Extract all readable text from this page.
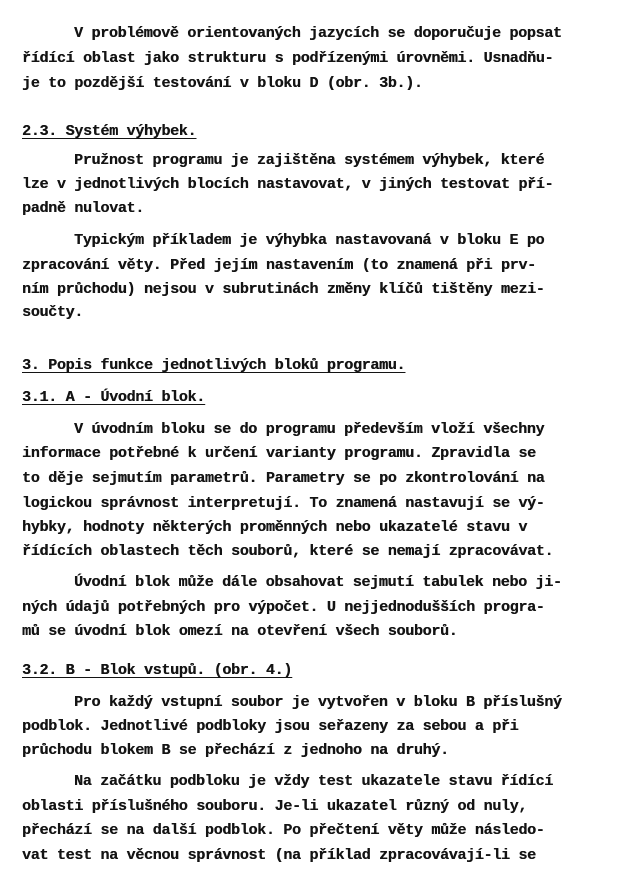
V problémově orientovaných jazycích se doporučuje popsat
řídící oblast jako strukturu s podřízenými úrovněmi. Usnadňu-
je to pozdější testování v bloku D (obr. 3b.).
2.3. Systém výhybek.
Pružnost programu je zajištěna systémem výhybek, které
lze v jednotlivých blocích nastavovat, v jiných testovat pří-
padně nulovat.
Typickým příkladem je výhybka nastavovaná v bloku E po
zpracování věty. Před jejím nastavením (to znamená při prv-
ním průchodu) nejsou v subrutinách změny klíčů tištěny mezi-
součty.
3. Popis funkce jednotlivých bloků programu.
3.1. A - Úvodní blok.
V úvodním bloku se do programu především vloží všechny
informace potřebné k určení varianty programu. Zpravidla se
to děje sejmutím parametrů. Parametry se po zkontrolování na
logickou správnost interpretují. To znamená nastavují se vý-
hybky, hodnoty některých proměnných nebo ukazatelé stavu v
řídících oblastech těch souborů, které se nemají zpracovávat.
Úvodní blok může dále obsahovat sejmutí tabulek nebo ji-
ných údajů potřebných pro výpočet. U nejjednodušších progra-
mů se úvodní blok omezí na otevření všech souborů.
3.2. B - Blok vstupů. (obr. 4.)
Pro každý vstupní soubor je vytvořen v bloku B příslušný
podblok. Jednotlivé podbloky jsou seřazeny za sebou a při
průchodu blokem B se přechází z jednoho na druhý.
Na začátku podbloku je vždy test ukazatele stavu řídící
oblasti příslušného souboru. Je-li ukazatel různý od nuly,
přechází se na další podblok. Po přečtení věty může následo-
vat test na věcnou správnost (na příklad zpracovávají-li se
